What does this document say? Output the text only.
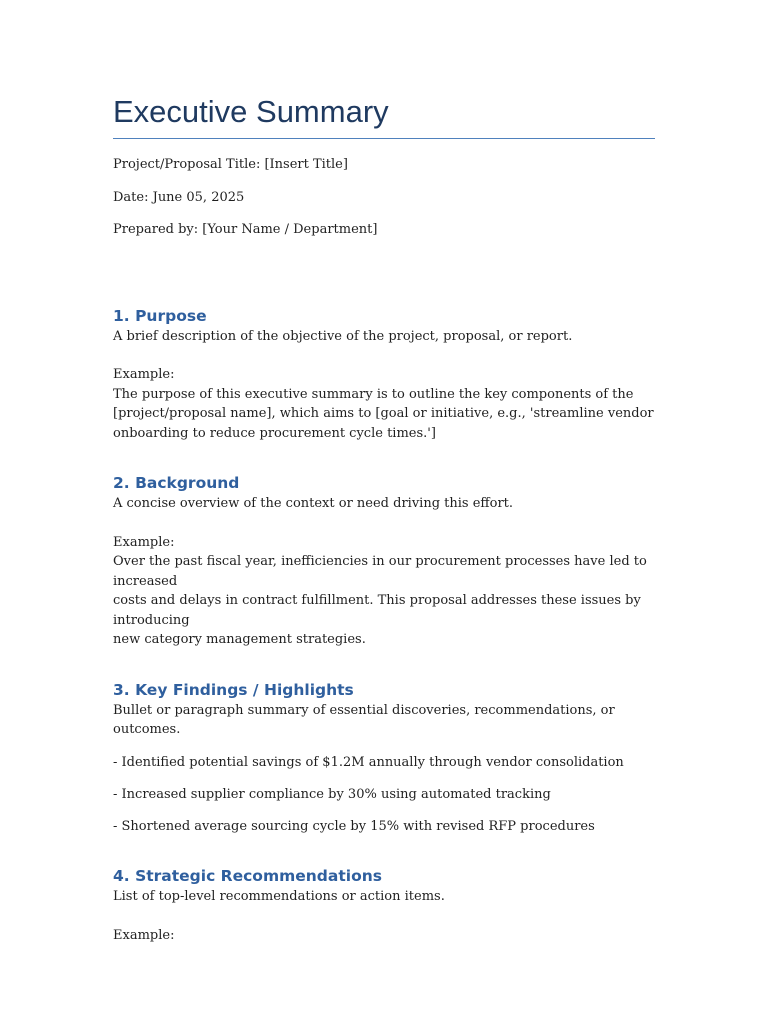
Executive Summary

Project/Proposal Title: [Insert Title]

Date: June 05, 2025

Prepared by: [Your Name / Department]

1. Purpose

A brief description of the objective of the project, proposal, or report.

Example:

The purpose of this executive summary is to outline the key components of the
[project/proposal name], which aims to [goal or initiative, e.g., 'streamline vendor
onboarding to reduce procurement cycle times.']

2. Background

A concise overview of the context or need driving this effort.

Example:

Over the past fiscal year, inefficiencies in our procurement processes have led to increased
costs and delays in contract fulfillment. This proposal addresses these issues by introducing
new category management strategies.

3. Key Findings / Highlights

Bullet or paragraph summary of essential discoveries, recommendations, or outcomes.

- Identified potential savings of $1.2M annually through vendor consolidation

- Increased supplier compliance by 30% using automated tracking

- Shortened average sourcing cycle by 15% with revised RFP procedures

4. Strategic Recommendations

List of top-level recommendations or action items.

Example:
